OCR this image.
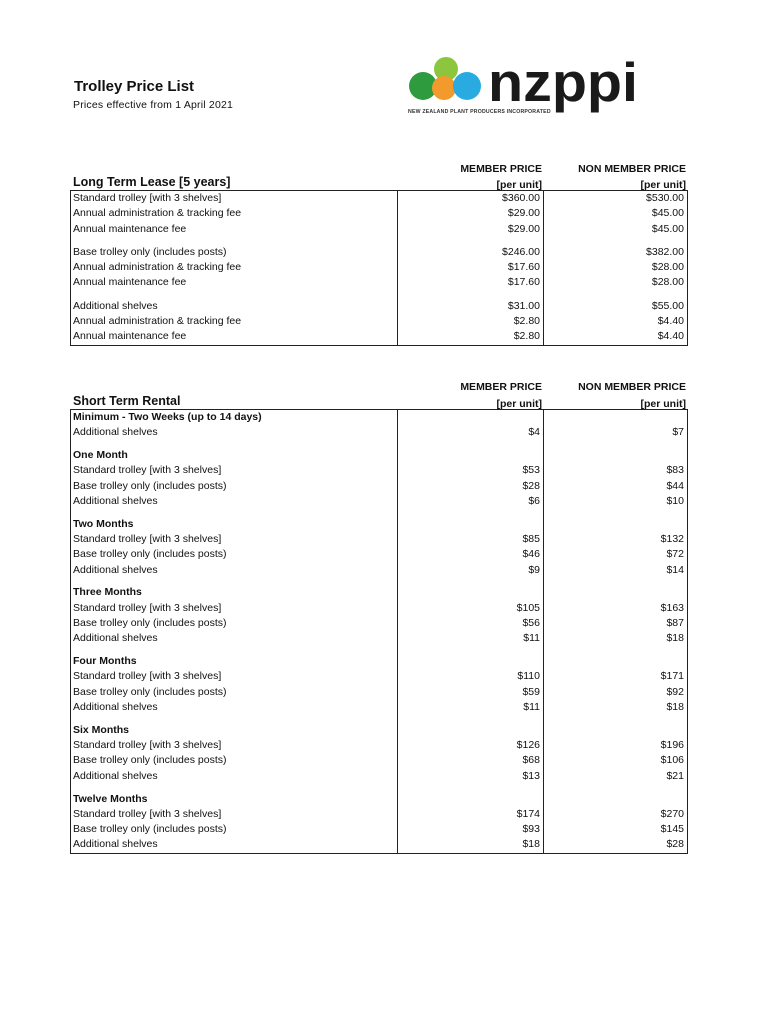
Trolley Price List
Prices effective from 1 April 2021	nzppi
NEW ZEALAND PLANT PRODUCERS INCORPORATED
MEMBER PRICE
[per unit]
NON MEMBER PRICE
[per unit]
Long Term Lease [5 years]
Standard trolley [with 3 shelves]	$360.00	$530.00
Annual administration & tracking fee	$29.00	$45.00
Annual maintenance fee	$29.00	$45.00
Base trolley only (includes posts)	$246.00	$382.00
Annual administration & tracking fee	$17.60	$28.00
Annual maintenance fee	$17.60	$28.00
Additional shelves	$31.00	$55.00
Annual administration & tracking fee	$2.80	$4.40
Annual maintenance fee	$2.80	$4.40
MEMBER PRICE
[per unit]
NON MEMBER PRICE
[per unit]
Short Term Rental
Minimum - Two Weeks (up to 14 days)
Additional shelves	$4	$7
One Month
Standard trolley [with 3 shelves]	$53	$83
Base trolley only (includes posts)	$28	$44
Additional shelves	$6	$10
Two Months
Standard trolley [with 3 shelves]	$85	$132
Base trolley only (includes posts)	$46	$72
Additional shelves	$9	$14
Three Months
Standard trolley [with 3 shelves]	$105	$163
Base trolley only (includes posts)	$56	$87
Additional shelves	$11	$18
Four Months
Standard trolley [with 3 shelves]	$110	$171
Base trolley only (includes posts)	$59	$92
Additional shelves	$11	$18
Six Months
Standard trolley [with 3 shelves]	$126	$196
Base trolley only (includes posts)	$68	$106
Additional shelves	$13	$21
Twelve Months
Standard trolley [with 3 shelves]	$174	$270
Base trolley only (includes posts)	$93	$145
Additional shelves	$18	$28
